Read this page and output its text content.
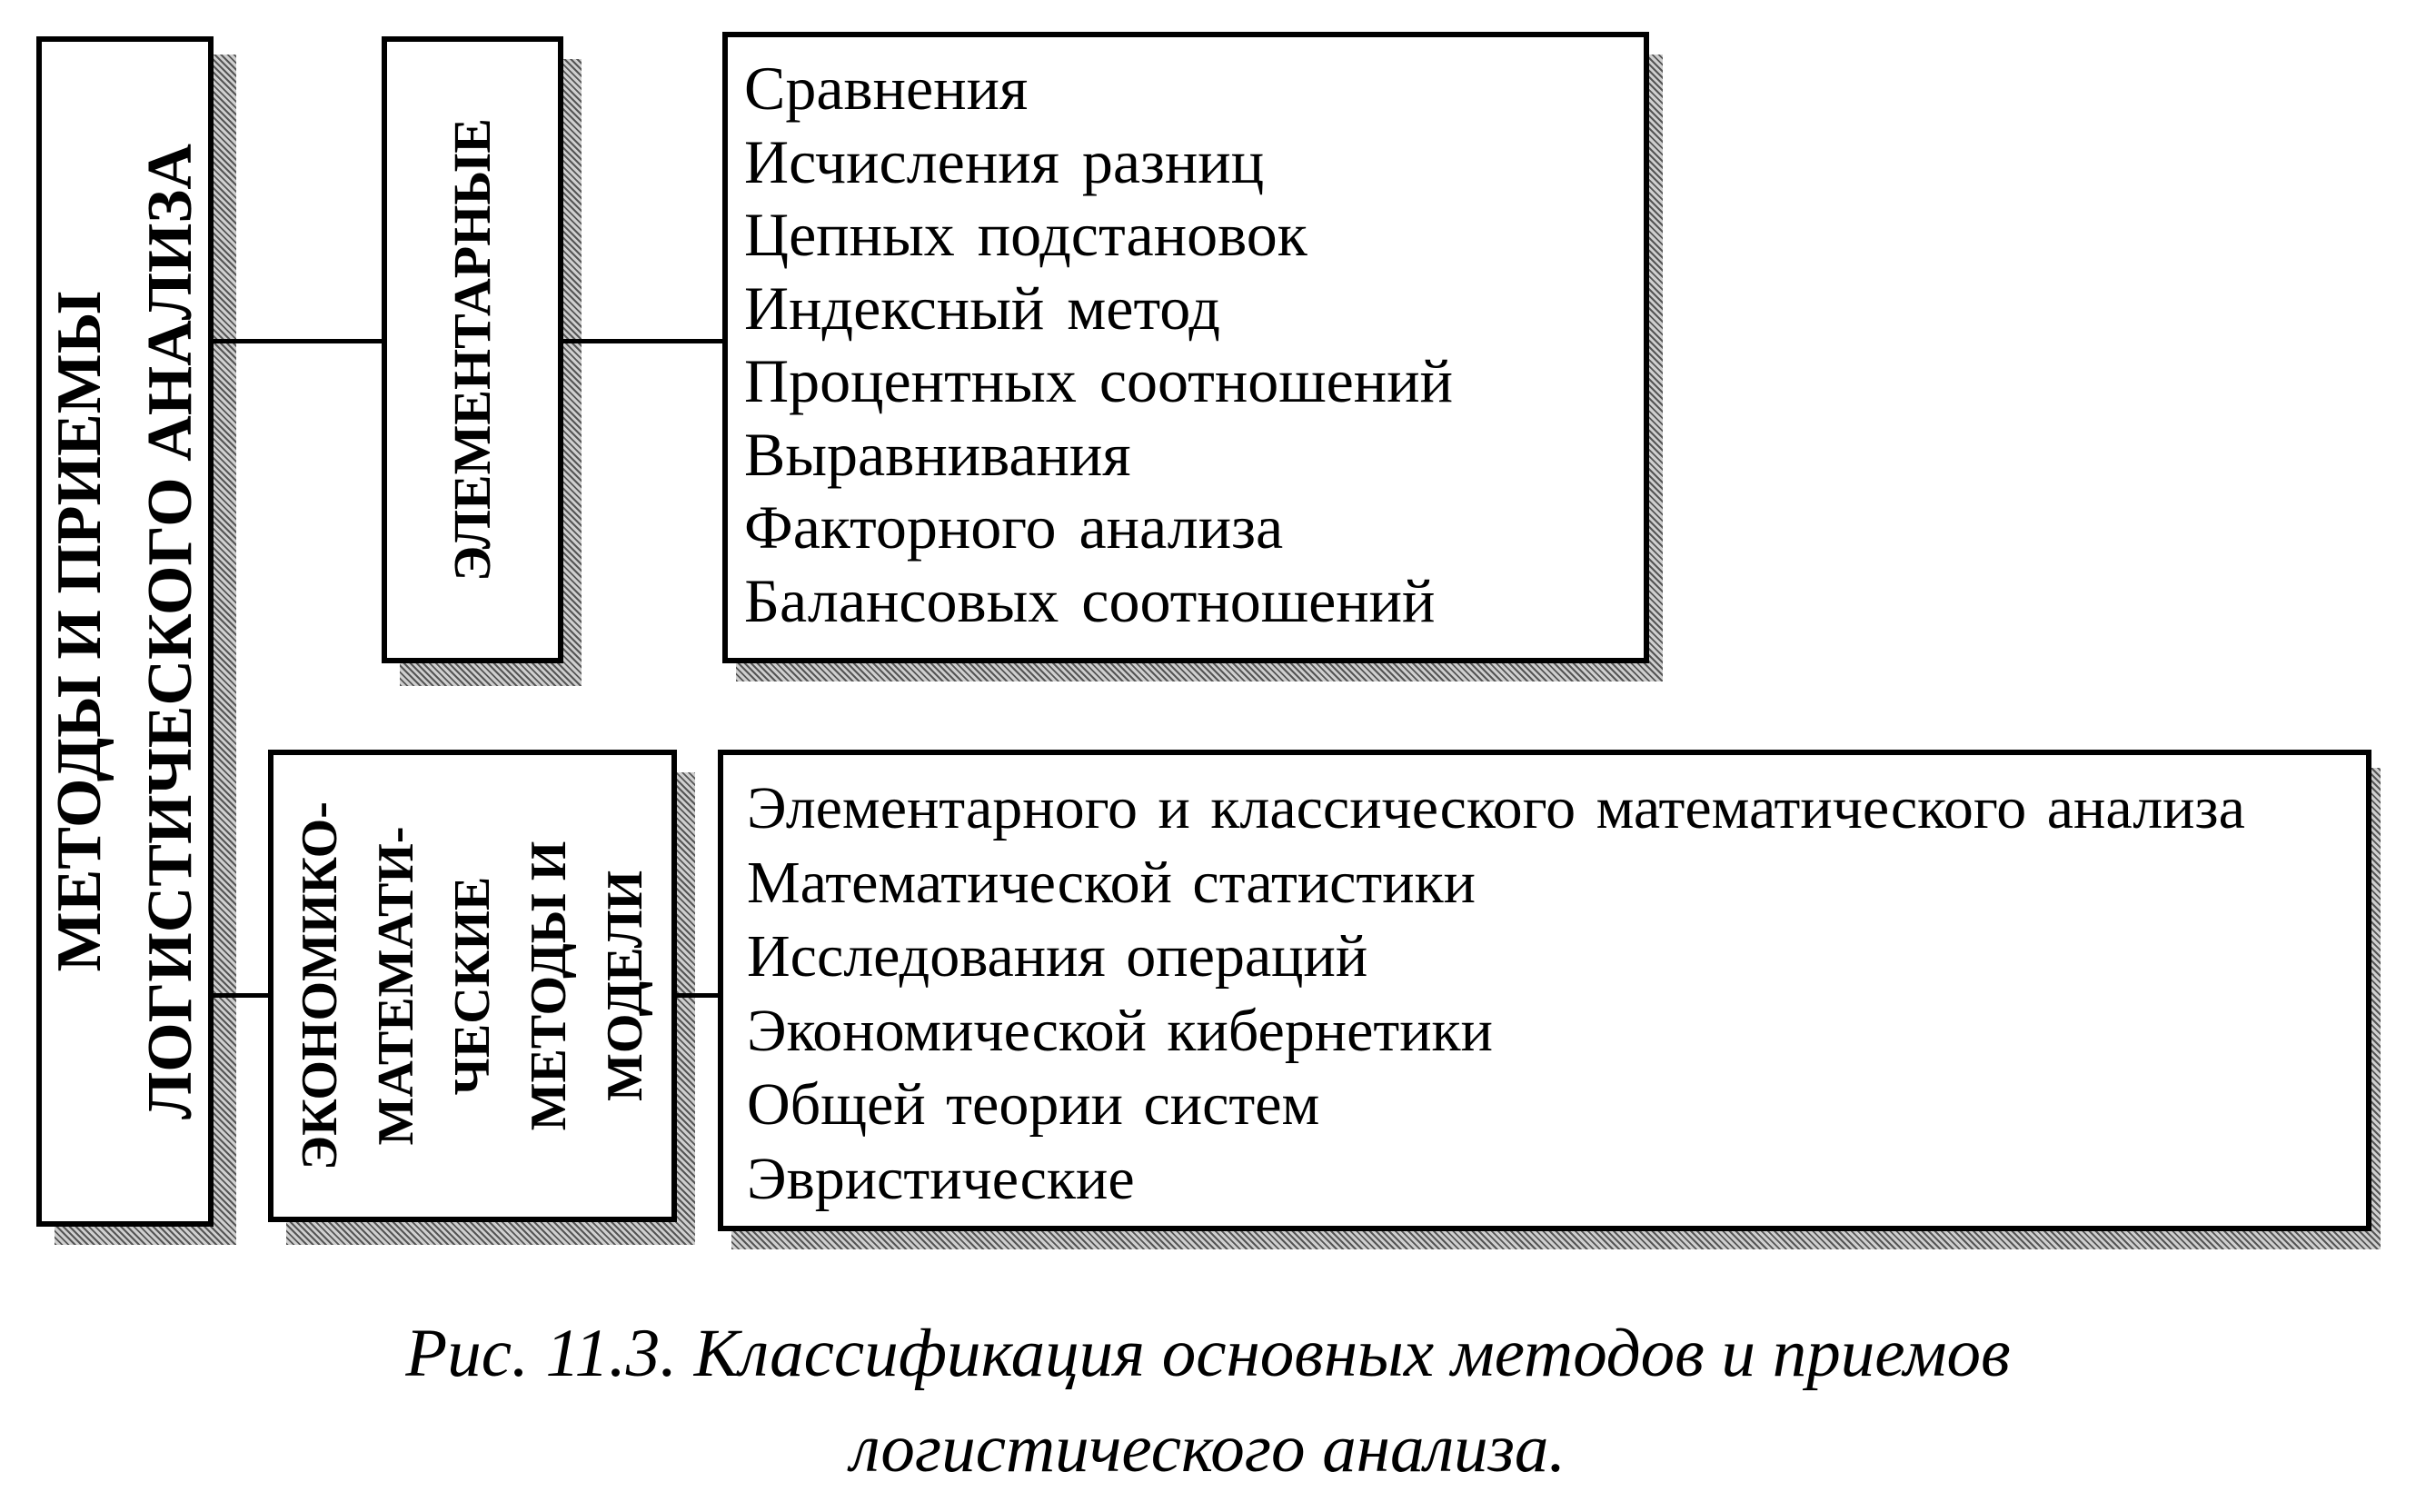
МЕТОДЫ И ПРИЕМЫ ЛОГИСТИЧЕСКОГО АНАЛИЗА	ЭЛЕМЕНТАРНЫЕ
Сравнения
Исчисления разниц
Цепных подстановок
Индексный метод
Процентных соотношений
Выравнивания
Факторного анализа
Балансовых соотношений
ЭКОНОМИКО- МАТЕМАТИ- ЧЕСКИЕ МЕТОДЫ И МОДЕЛИ
Элементарного и классического математического анализа
Математической статистики
Исследования операций
Экономической кибернетики
Общей теории систем
Эвристические
Рис. 11.3. Классификация основных методов и приемов
логистического анализа.
